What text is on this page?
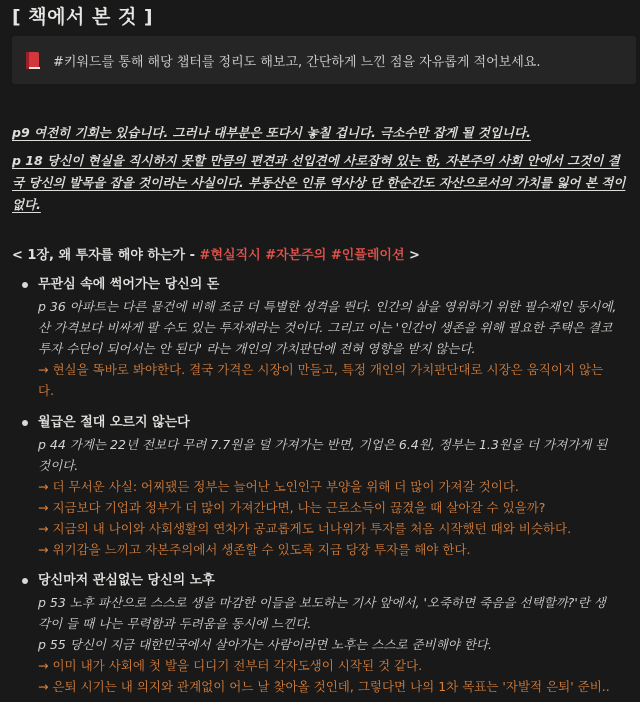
[ 책에서 본 것 ]
#키워드를 통해 해당 챕터를 정리도 해보고, 간단하게 느낀 점을 자유롭게 적어보세요.
p9 여전히 기회는 있습니다. 그러나 대부분은 또다시 놓칠 겁니다. 극소수만 잡게 될 것입니다.
p 18 당신이 현실을 직시하지 못할 만큼의 편견과 선입견에 사로잡혀 있는 한, 자본주의 사회 안에서 그것이 결국 당신의 발목을 잡을 것이라는 사실이다. 부동산은 인류 역사상 단 한순간도 자산으로서의 가치를 잃어 본 적이 없다.
< 1장, 왜 투자를 해야 하는가 - #현실직시 #자본주의 #인플레이션 >
무관심 속에 썩어가는 당신의 돈
p 36 아파트는 다른 물건에 비해 조금 더 특별한 성격을 띈다. 인간의 삶을 영위하기 위한 필수재인 동시에,
산 가격보다 비싸게 팔 수도 있는 투자재라는 것이다. 그리고 이는 '인간이 생존을 위해 필요한 주택은 결코
투자 수단이 되어서는 안 된다' 라는 개인의 가치판단에 전혀 영향을 받지 않는다.
→ 현실을 똑바로 봐야한다. 결국 가격은 시장이 만들고, 특정 개인의 가치판단대로 시장은 움직이지 않는
다.
월급은 절대 오르지 않는다
p 44 가계는 22년 전보다 무려 7.7원을 덜 가져가는 반면, 기업은 6.4원, 정부는 1.3원을 더 가져가게 된
것이다.
→ 더 무서운 사실: 어찌됐든 정부는 늘어난 노인인구 부양을 위해 더 많이 가져갈 것이다.
→ 지금보다 기업과 정부가 더 많이 가져간다면, 나는 근로소득이 끊겼을 때 살아갈 수 있을까?
→ 지금의 내 나이와 사회생활의 연차가 공교롭게도 너나위가 투자를 처음 시작했던 때와 비슷하다.
→ 위기감을 느끼고 자본주의에서 생존할 수 있도록 지금 당장 투자를 해야 한다.
당신마저 관심없는 당신의 노후
p 53 노후 파산으로 스스로 생을 마감한 이들을 보도하는 기사 앞에서, '오죽하면 죽음을 선택할까?'란 생
각이 들 때 나는 무력함과 두려움을 동시에 느낀다.
p 55 당신이 지금 대한민국에서 살아가는 사람이라면 노후는 스스로 준비해야 한다.
→ 이미 내가 사회에 첫 발을 디디기 전부터 각자도생이 시작된 것 같다.
→ 은퇴 시기는 내 의지와 관계없이 어느 날 찾아올 것인데, 그렇다면 나의 1차 목표는 '자발적 은퇴' 준비..
